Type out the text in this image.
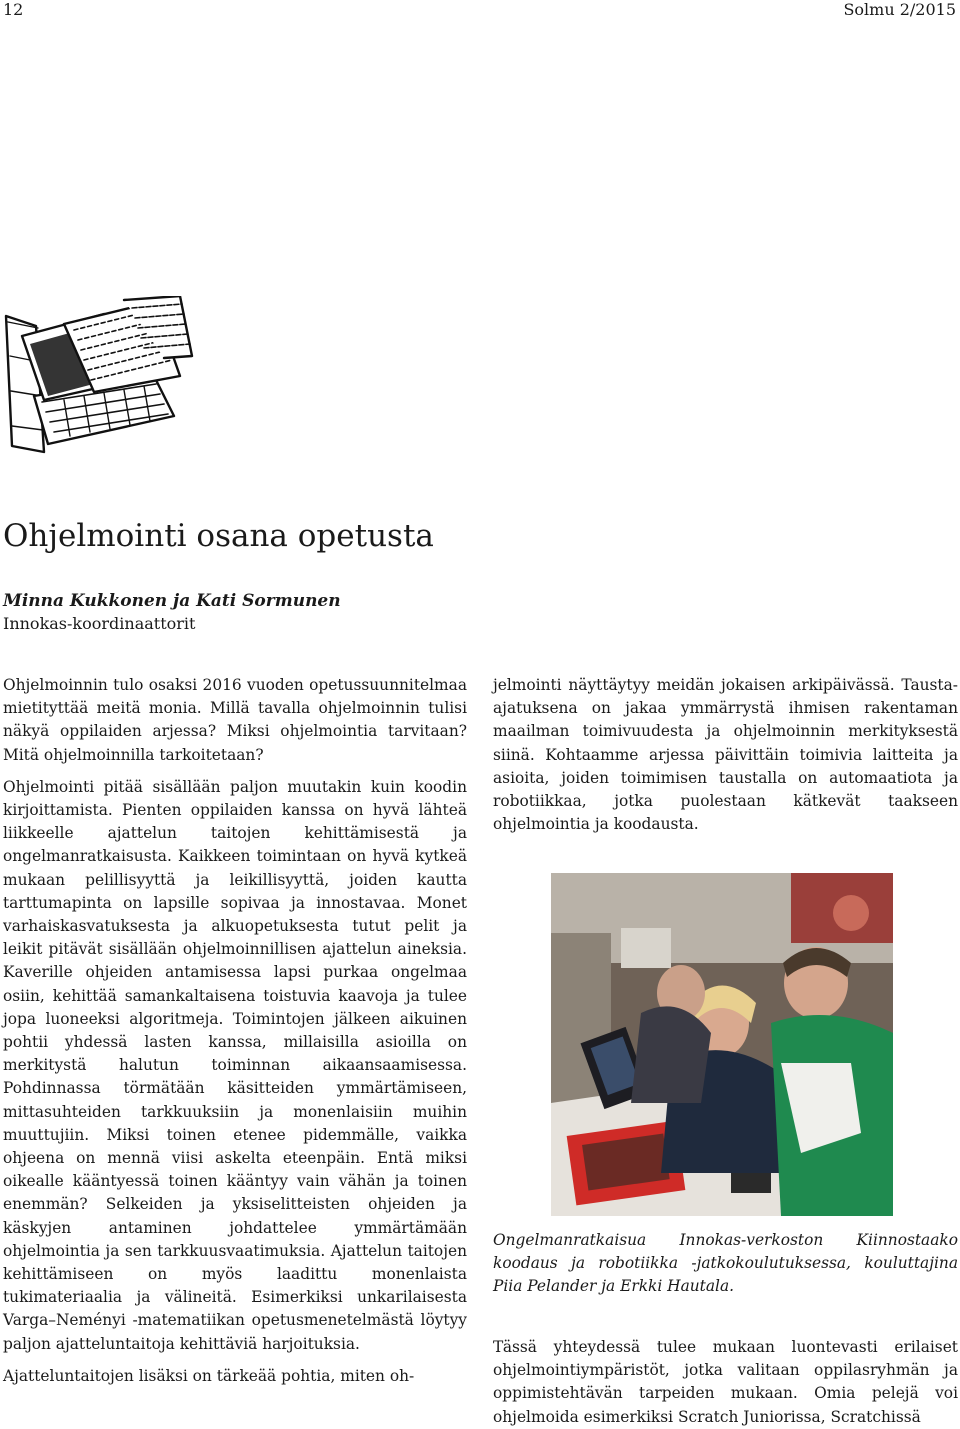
12	Solmu 2/2015
Ohjelmointi osana opetusta
Minna Kukkonen ja Kati Sormunen
Innokas-koordinaattorit

Ohjelmoinnin tulo osaksi 2016 vuoden opetussuunnitelmaa mietityttää meitä monia. Millä tavalla ohjelmoinnin tulisi näkyä oppilaiden arjessa? Miksi ohjelmointia tarvitaan? Mitä ohjelmoinnilla tarkoitetaan?

Ohjelmointi pitää sisällään paljon muutakin kuin koodin kirjoittamista. Pienten oppilaiden kanssa on hyvä lähteä liikkeelle ajattelun taitojen kehittämisestä ja ongelmanratkaisusta. Kaikkeen toimintaan on hyvä kytkeä mukaan pelillisyyttä ja leikillisyyttä, joiden kautta tarttumapinta on lapsille sopivaa ja innostavaa. Monet varhaiskasvatuksesta ja alkuopetuksesta tutut pelit ja leikit pitävät sisällään ohjelmoinnillisen ajattelun aineksia. Kaverille ohjeiden antamisessa lapsi purkaa ongelmaa osiin, kehittää samankaltaisena toistuvia kaavoja ja tulee jopa luoneeksi algoritmeja. Toimintojen jälkeen aikuinen pohtii yhdessä lasten kanssa, millaisilla asioilla on merkitystä halutun toiminnan aikaansaamisessa. Pohdinnassa törmätään käsitteiden ymmärtämiseen, mittasuhteiden tarkkuuksiin ja monenlaisiin muihin muuttujiin. Miksi toinen etenee pidemmälle, vaikka ohjeena on mennä viisi askelta eteenpäin. Entä miksi oikealle kääntyessä toinen kääntyy vain vähän ja toinen enemmän? Selkeiden ja yksiselitteisten ohjeiden ja käskyjen antaminen johdattelee ymmärtämään ohjelmointia ja sen tarkkuusvaatimuksia. Ajattelun taitojen kehittämiseen on myös laadittu monenlaista tukimateriaalia ja välineitä. Esimerkiksi unkarilaisesta Varga–Neményi -matematiikan opetusmenetelmästä löytyy paljon ajatteluntaitoja kehittäviä harjoituksia.

Ajatteluntaitojen lisäksi on tärkeää pohtia, miten oh-

jelmointi näyttäytyy meidän jokaisen arkipäivässä. Tausta-ajatuksena on jakaa ymmärrystä ihmisen rakentaman maailman toimivuudesta ja ohjelmoinnin merkityksestä siinä. Kohtaamme arjessa päivittäin toimivia laitteita ja asioita, joiden toimimisen taustalla on automaatiota ja robotiikkaa, jotka puolestaan kätkevät taakseen ohjelmointia ja koodausta.

Ongelmanratkaisua Innokas-verkoston Kiinnostaako koodaus ja robotiikka -jatkokoulutuksessa, kouluttajina Piia Pelander ja Erkki Hautala.

Tässä yhteydessä tulee mukaan luontevasti erilaiset ohjelmointiympäristöt, jotka valitaan oppilasryhmän ja oppimistehtävän tarpeiden mukaan. Omia pelejä voi ohjelmoida esimerkiksi Scratch Juniorissa, Scratchissä
